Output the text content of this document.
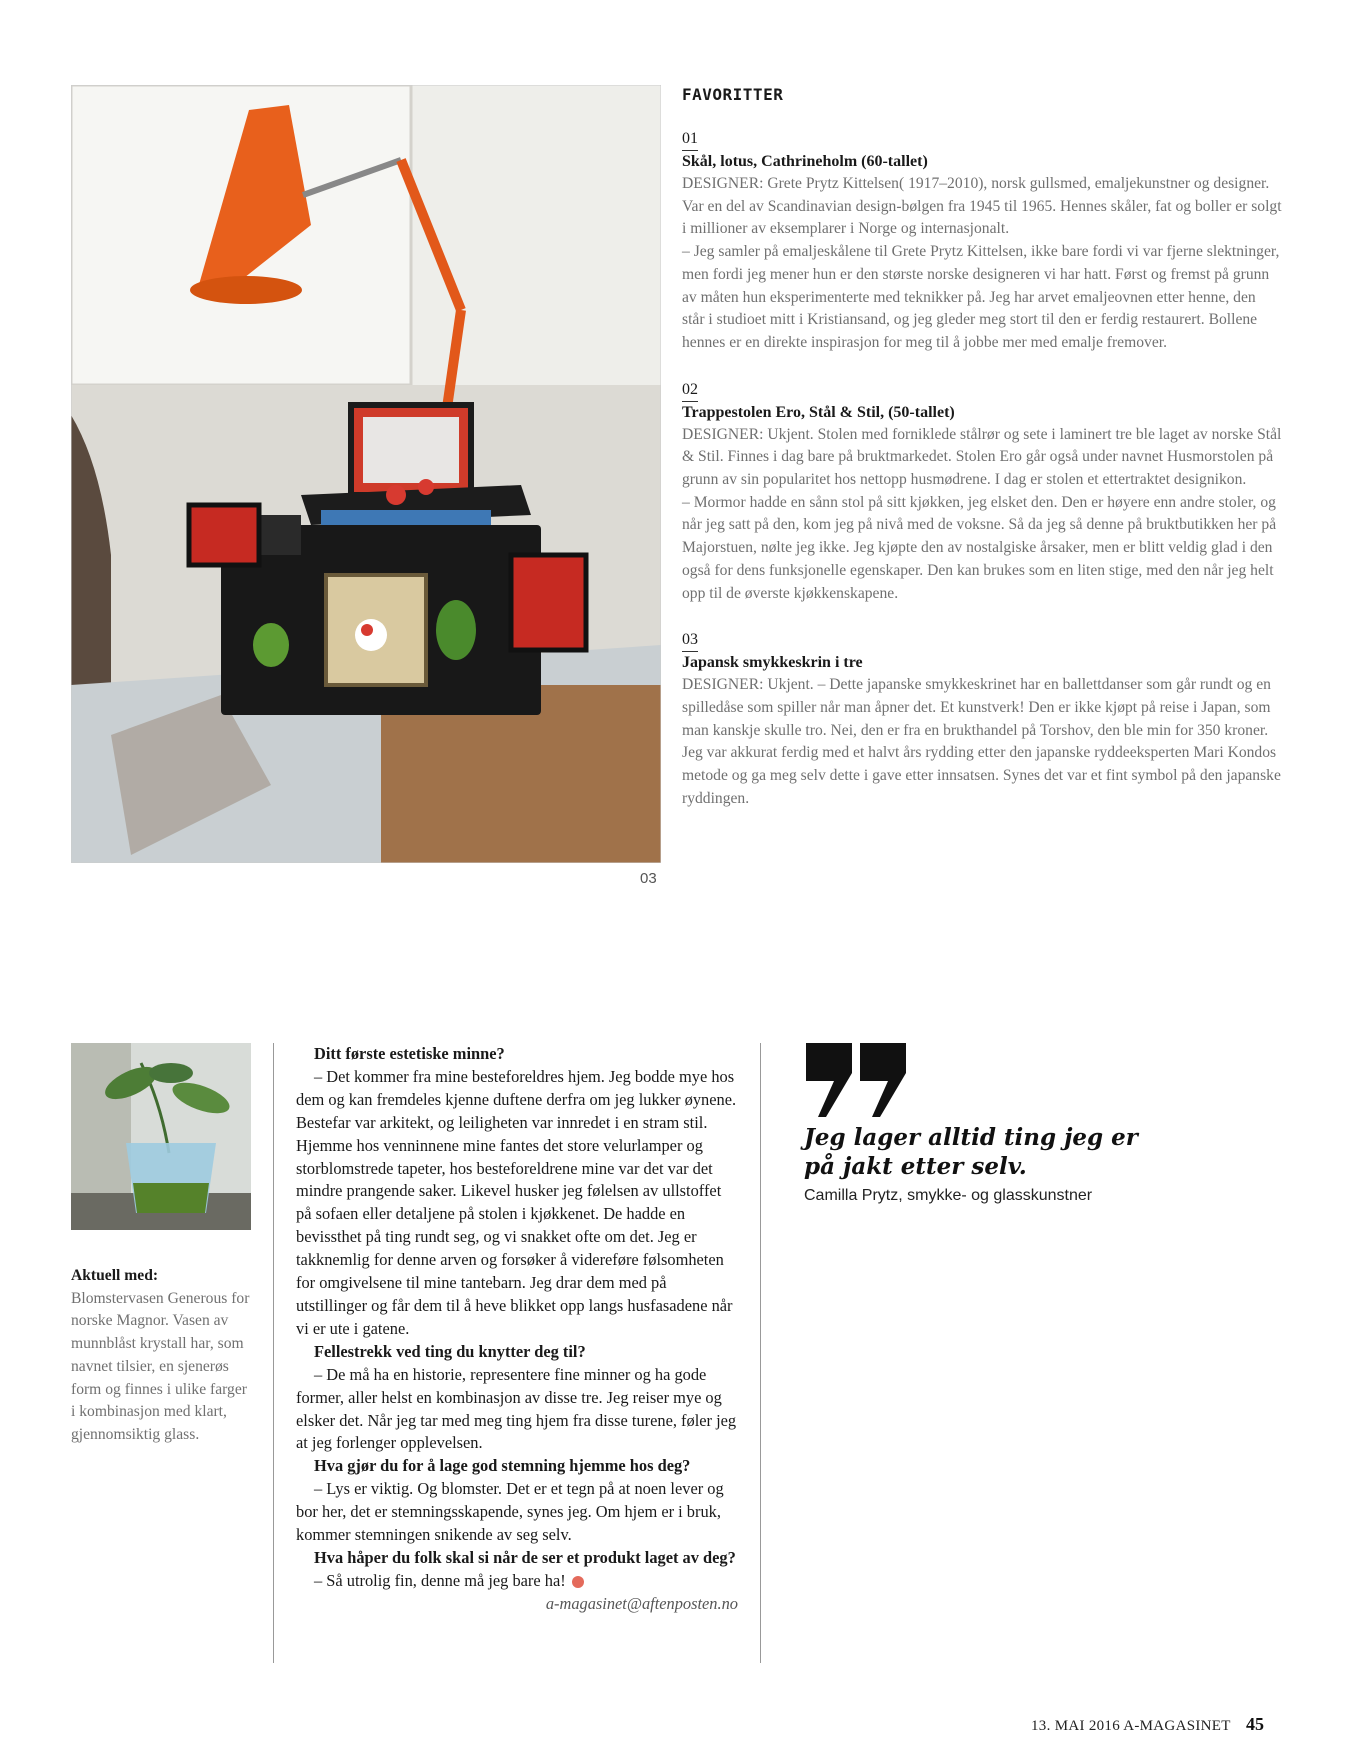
03
FAVORITTER
01
Skål, lotus, Cathrineholm (60-tallet)

DESIGNER: Grete Prytz Kittelsen( 1917–2010), norsk gullsmed, emaljekunstner og designer. Var en del av Scandinavian design-bølgen fra 1945 til 1965. Hennes skåler, fat og boller er solgt i millioner av eksemplarer i Norge og internasjonalt.

– Jeg samler på emaljeskålene til Grete Prytz Kittelsen, ikke bare fordi vi var fjerne slektninger, men fordi jeg mener hun er den største norske designeren vi har hatt. Først og fremst på grunn av måten hun eksperimenterte med teknikker på. Jeg har arvet emaljeovnen etter henne, den står i studioet mitt i Kristiansand, og jeg gleder meg stort til den er ferdig restaurert. Bollene hennes er en direkte inspirasjon for meg til å jobbe mer med emalje fremover.

02
Trappestolen Ero, Stål & Stil, (50-tallet)

DESIGNER: Ukjent. Stolen med forniklede stålrør og sete i laminert tre ble laget av norske Stål & Stil. Finnes i dag bare på bruktmarkedet. Stolen Ero går også under navnet Husmorstolen på grunn av sin popularitet hos nettopp husmødrene. I dag er stolen et ettertraktet designikon.

– Mormor hadde en sånn stol på sitt kjøkken, jeg elsket den. Den er høyere enn andre stoler, og når jeg satt på den, kom jeg på nivå med de voksne. Så da jeg så denne på bruktbutikken her på Majorstuen, nølte jeg ikke. Jeg kjøpte den av nostalgiske årsaker, men er blitt veldig glad i den også for dens funksjonelle egenskaper. Den kan brukes som en liten stige, med den når jeg helt opp til de øverste kjøkkenskapene.

03
Japansk smykkeskrin i tre

DESIGNER: Ukjent. – Dette japanske smykkeskrinet har en ballettdanser som går rundt og en spilledåse som spiller når man åpner det. Et kunstverk! Den er ikke kjøpt på reise i Japan, som man kanskje skulle tro. Nei, den er fra en brukthandel på Torshov, den ble min for 350 kroner. Jeg var akkurat ferdig med et halvt års rydding etter den japanske ryddeeksperten Mari Kondos metode og ga meg selv dette i gave etter innsatsen. Synes det var et fint symbol på den japanske ryddingen.

Aktuell med:
Blomstervasen Generous for norske Magnor. Vasen av munnblåst krystall har, som navnet tilsier, en sjenerøs form og finnes i ulike farger i kombinasjon med klart, gjennomsiktig glass.

Ditt første estetiske minne?

– Det kommer fra mine besteforeldres hjem. Jeg bodde mye hos dem og kan fremdeles kjenne duftene derfra om jeg lukker øynene. Bestefar var arkitekt, og leiligheten var innredet i en stram stil. Hjemme hos venninnene mine fantes det store velurlamper og storblomstrede tapeter, hos besteforeldrene mine var det var det mindre prangende saker. Likevel husker jeg følelsen av ullstoffet på sofaen eller detaljene på stolen i kjøkkenet. De hadde en bevissthet på ting rundt seg, og vi snakket ofte om det. Jeg er takknemlig for denne arven og forsøker å videreføre følsomheten for omgivelsene til mine tantebarn. Jeg drar dem med på utstillinger og får dem til å heve blikket opp langs husfasadene når vi er ute i gatene.

Fellestrekk ved ting du knytter deg til?

– De må ha en historie, representere fine minner og ha gode former, aller helst en kombinasjon av disse tre. Jeg reiser mye og elsker det. Når jeg tar med meg ting hjem fra disse turene, føler jeg at jeg forlenger opplevelsen.

Hva gjør du for å lage god stemning hjemme hos deg?

– Lys er viktig. Og blomster. Det er et tegn på at noen lever og bor her, det er stemningsskapende, synes jeg. Om hjem er i bruk, kommer stemningen snikende av seg selv.

Hva håper du folk skal si når de ser et produkt laget av deg?

– Så utrolig fin, denne må jeg bare ha!

a-magasinet@aftenposten.no

Jeg lager alltid ting jeg er på jakt etter selv.
Camilla Prytz, smykke- og glasskunstner
13. MAI 2016 A-MAGASINET 45
